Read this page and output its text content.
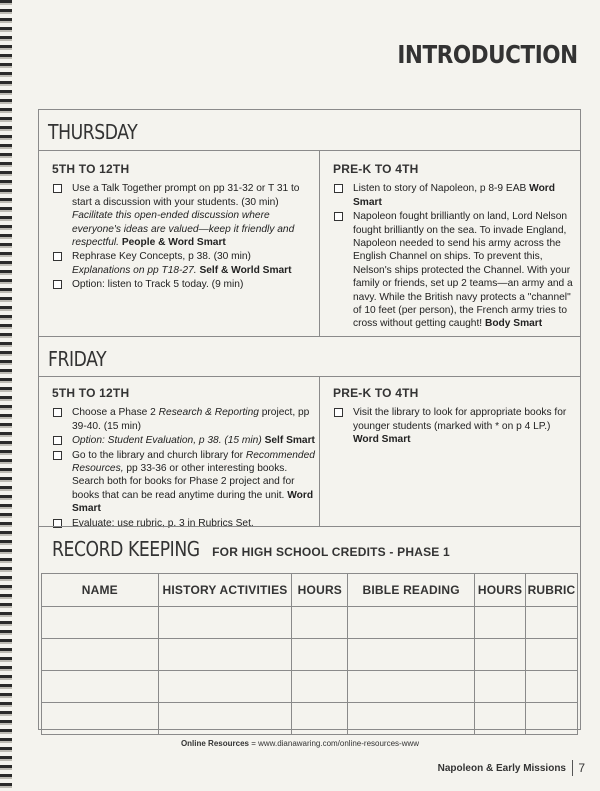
INTRODUCTION
THURSDAY
5TH TO 12TH
Use a Talk Together prompt on pp 31-32 or T 31 to start a discussion with your students. (30 min) Facilitate this open-ended discussion where everyone's ideas are valued—keep it friendly and respectful. People & Word Smart
Rephrase Key Concepts, p 38. (30 min)
Explanations on pp T18-27. Self & World Smart
Option: listen to Track 5 today. (9 min)
PRE-K TO 4TH
Listen to story of Napoleon, p 8-9 EAB Word Smart
Napoleon fought brilliantly on land, Lord Nelson fought brilliantly on the sea. To invade England, Napoleon needed to send his army across the English Channel on ships. To prevent this, Nelson's ships protected the Channel. With your family or friends, set up 2 teams—an army and a navy. While the British navy protects a "channel" of 10 feet (per person), the French army tries to cross without getting caught! Body Smart
FRIDAY
5TH TO 12TH
Choose a Phase 2 Research & Reporting project, pp 39-40. (15 min)
Option: Student Evaluation, p 38. (15 min) Self Smart
Go to the library and church library for Recommended Resources, pp 33-36 or other interesting books. Search both for books for Phase 2 project and for books that can be read anytime during the unit. Word Smart
Evaluate: use rubric, p. 3 in Rubrics Set.
PRE-K TO 4TH
Visit the library to look for appropriate books for younger students (marked with * on p 4 LP.) Word Smart
RECORD KEEPING FOR HIGH SCHOOL CREDITS - PHASE 1
NAME	HISTORY ACTIVITIES	HOURS	BIBLE READING	HOURS	RUBRIC

Online Resources = www.dianawaring.com/online-resources-www
Napoleon & Early Missions 7
